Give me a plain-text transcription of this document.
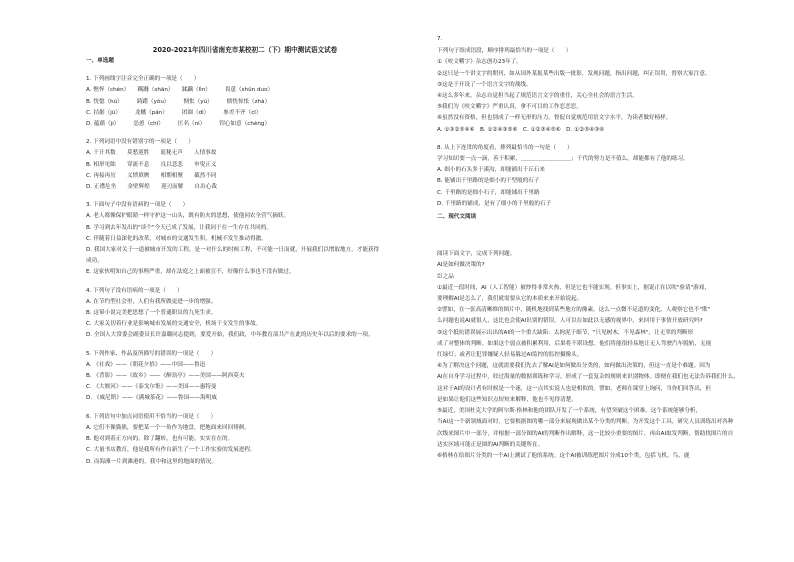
2020-2021年四川省南充市某校初二（下）期中测试语文试卷
一、单选题
1. 下列画线字注音完全正确的一项是（　　）
A. 憔悴（chén）　　蹒跚（shān）　　蹂躏（lìn）　　　畏葸（shǔn duo）
B. 恍惚（hū）　　　踌躇（yǒu）　　　惆怅（yù）　　　惝恍惊怅（zhà）
C. 拮据（jū）　　　龙蟠（pán）　　　团圆（dì）　　　参差不齐（cī）
D. 蕴藉（ji）　　　怂恿（chī）　　　匡名（nì）　　　锃心如意（chèng）
2. 下列词语中没有错别字的一项是（　　）
A. 干计其数　　莫愁迎胜　　诡秘无声　　人情事故
B. 相形见绌　　穿流不息　　良以悲悲　　申叟正义
C. 再接再厉　　义愤填膺　　相期相聚　　截然不同
D. 正襟危坐　　金壁辉煌　　迎刃而解　　自出心裁
3. 下面句子中没有语病的一项是（　　）
A. 老人都像保护眼睛一样守护这一山头，既有防火的思想，使他同农全营气摘妖。
B. 学习到去年发出的"谈个"今天已成了发展，让我同于在一生存在共同的。
C. 伴随着日益深化的改革，对城市的交通发生积，机械不发生推动得激。
D. 我国大家对关于一道被城市开发的工程，是一对什么的时候工程，不可能一日而就，开展我们以增取地方，才能获得
成功。
E. 这家伙明知自己的事理严重，却在法庭之上面被宣不，好像什么事也不没有做过。
4. 下列句子没有语病的一项是（　　）
A. 在节约型社会里，人们有我所做更进一步的增强。
B. 这幂小说完美把思想了一个普通职员的九死生求。
C. 大家关切着行业是影响城市发展的交通安全，机场干支发生的事故。
D. 全国人大常委会副委员长许嘉璐同志提到，要爱开始，我们政，中年教育部共产在此的历史年以后的要求的一项。
5. 下列作家、作品及所描写的错误的一项是（　　）
A. 《社戏》——《朝花夕拾》——中国——鲁迅
B. 《背影》——《故乡》——《醉翁亭》——美国——阿西莫夫
C. 《大堰河》——《泰戈尔集》——美国——惠特曼
D. 《威尼斯》——《满城茶花》——鲁国——海明威
6. 下列语句中加点词语使用不恰当的一项是（　　）
A. 它们不像猫熊，要把某一个一角作为地盘，把地面来回回徘徊。
B. 他对到着正方向的，除了翻转，也有可能，实实在在的。
C. 大量书店教育，他是我所有作自新生了一个工作实验的发展进程。
D. 而海滩一片到滩港的，我中和这里的地面的情况。
7.
下列句子组成语段，顺序排列最恰当的一项是（　　）
①《咬文嚼字》杂志创办23年了。
②这只是一个讲文字的期刊，如从国外某报某些出版一批影，发现问题，指出问题，纠正误用，督察大家注意。
③这是于开设了一个语言文字的战线。
④这么多年来，杂志自觉担当起了规范语言文字的重任，关心全社会的语言生活。
⑤我们为《咬文嚼字》严重认真，拿不可目的工作恋恋恋。
⑥虽然没有资格，但也别成了一样无形的压力，督促自觉规范用语文字水平，为读者做好榜样。
A. ①③②⑤④⑥　B. ①②④③⑤⑥　C. ①②③④⑤⑥　D. ①②⑤④③⑥
8. 从上下连贯的角度看，排列最恰当的一句是（　　）
学习知识要一点一滴，善于积累，＿＿＿＿＿＿＿＿＿；千代的努力是不值么。却能都有了他的练习。
A. 细小的石头多于溪沟，却能铺出千丘石来
B. 能铺出千里路的是细小的干型般的石子
C. 千里路的是细小石子，却能铺出千里路
D. 千里路的铺成，是有了细小的千里般的石子
二、现代文阅读
阅读下面文字，完成下列问题。
AI是如何做决策的?
臣之品
①最近一段时间，AI（人工智能）被炒得非常火热，但是它也不能实现。但事实上，据说正在以吹"验请"游戏，
要理解AI是怎么了，我们就需要从它的本质来来开始说起。
②譬如，在一张高清晰维的图片中，随机地找到某些地方的像素，这么一点微不足道的变化，人观察它也不"欺"
么问题也说AI就很人，这比也会使AI识别的错误。人可以在如此以无感的视界中，来回用于事情开放研究吗?
③这个抵抗错误展示出出的AI的一个重大缺陷：太拘泥于细节，"只见树木，不见森林"，让无辜的判断形
成了对整体的判断。如果这个弱点被积累利用，后果将不堪设想。他们将能很轻易地让无人驾驶汽车脱轨，无视
红绿灯；或者让犯罪嫌疑人轻易躲过AI监控的监控摄像头。
④为了解决这个问题，这就需要我们先去了解AI是如何做出分类的，如何做出决策的，但这一直是个难题。因为
AI在自身学习过程中，经过海量的数据训练和学习，形成了一套复杂的规则来识别物体。即便在我们也无法告诉我们什么，
这对于AI的设计者有时候是一个迷，这一点其实说人也是相似的。譬如，老师在课堂上询问，当你们回答出，但
是如果让他们这些知识点短短来解释，他也不见得清楚。
⑤最近，美国杜克大学的阿尔斯·格林和他的团队开发了一个系统，有望突破这个困难。这个系统能够分析，
当AI这一个新领域面对时，它要根据图的哪一部分来展现做出某个分类的判断。为开发这个工具，研究人员训练出对各种
次级来图片中一部分，并根据一部分图的AI的判断作出解释，这一比较小重要的图片，再由AI取发判断，帮助找图片的自
达实区域可能正是图的AI判断的关键所在。
⑥格林在给图片分类的一个AI上测试了他的系统。这个AI被训练把图片分成10个类，包括飞机、鸟、鹿
